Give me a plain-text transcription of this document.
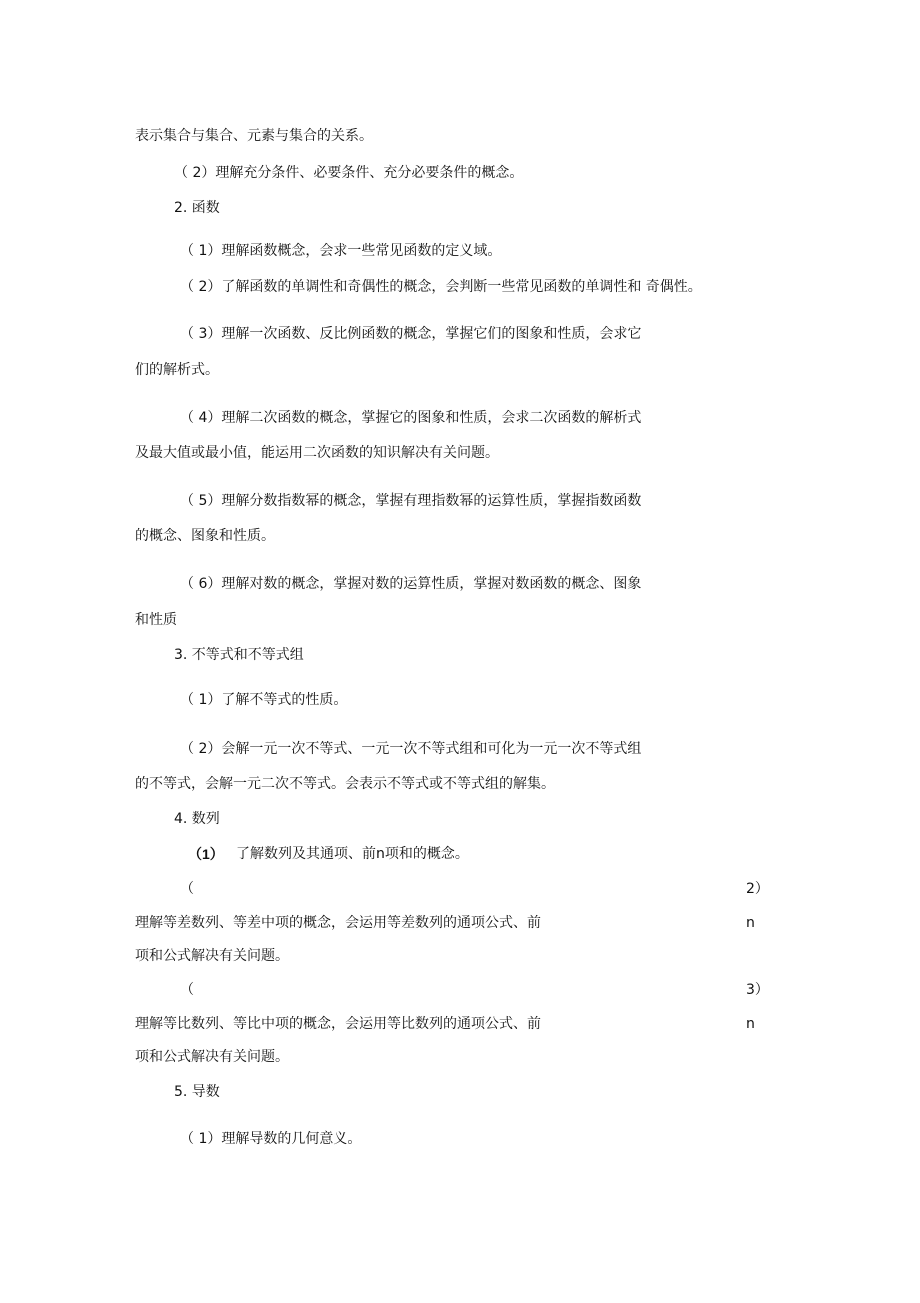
表示集合与集合、元素与集合的关系。
（ 2）理解充分条件、必要条件、充分必要条件的概念。
2. 函数
（ 1）理解函数概念，会求一些常见函数的定义域。
（ 2）了解函数的单调性和奇偶性的概念，会判断一些常见函数的单调性和 奇偶性。
（ 3）理解一次函数、反比例函数的概念，掌握它们的图象和性质，会求它
们的解析式。
（ 4）理解二次函数的概念，掌握它的图象和性质，会求二次函数的解析式
及最大值或最小值，能运用二次函数的知识解决有关问题。
（ 5）理解分数指数幂的概念，掌握有理指数幂的运算性质，掌握指数函数
的概念、图象和性质。
（ 6）理解对数的概念，掌握对数的运算性质，掌握对数函数的概念、图象
和性质
3. 不等式和不等式组
（ 1）了解不等式的性质。
（ 2）会解一元一次不等式、一元一次不等式组和可化为一元一次不等式组
的不等式，会解一元二次不等式。会表示不等式或不等式组的解集。
4. 数列
（1） 了解数列及其通项、前n项和的概念。
（	2）
理解等差数列、等差中项的概念，会运用等差数列的通项公式、前	n
项和公式解决有关问题。
（	3）
理解等比数列、等比中项的概念，会运用等比数列的通项公式、前	n
项和公式解决有关问题。
5. 导数
（ 1）理解导数的几何意义。
